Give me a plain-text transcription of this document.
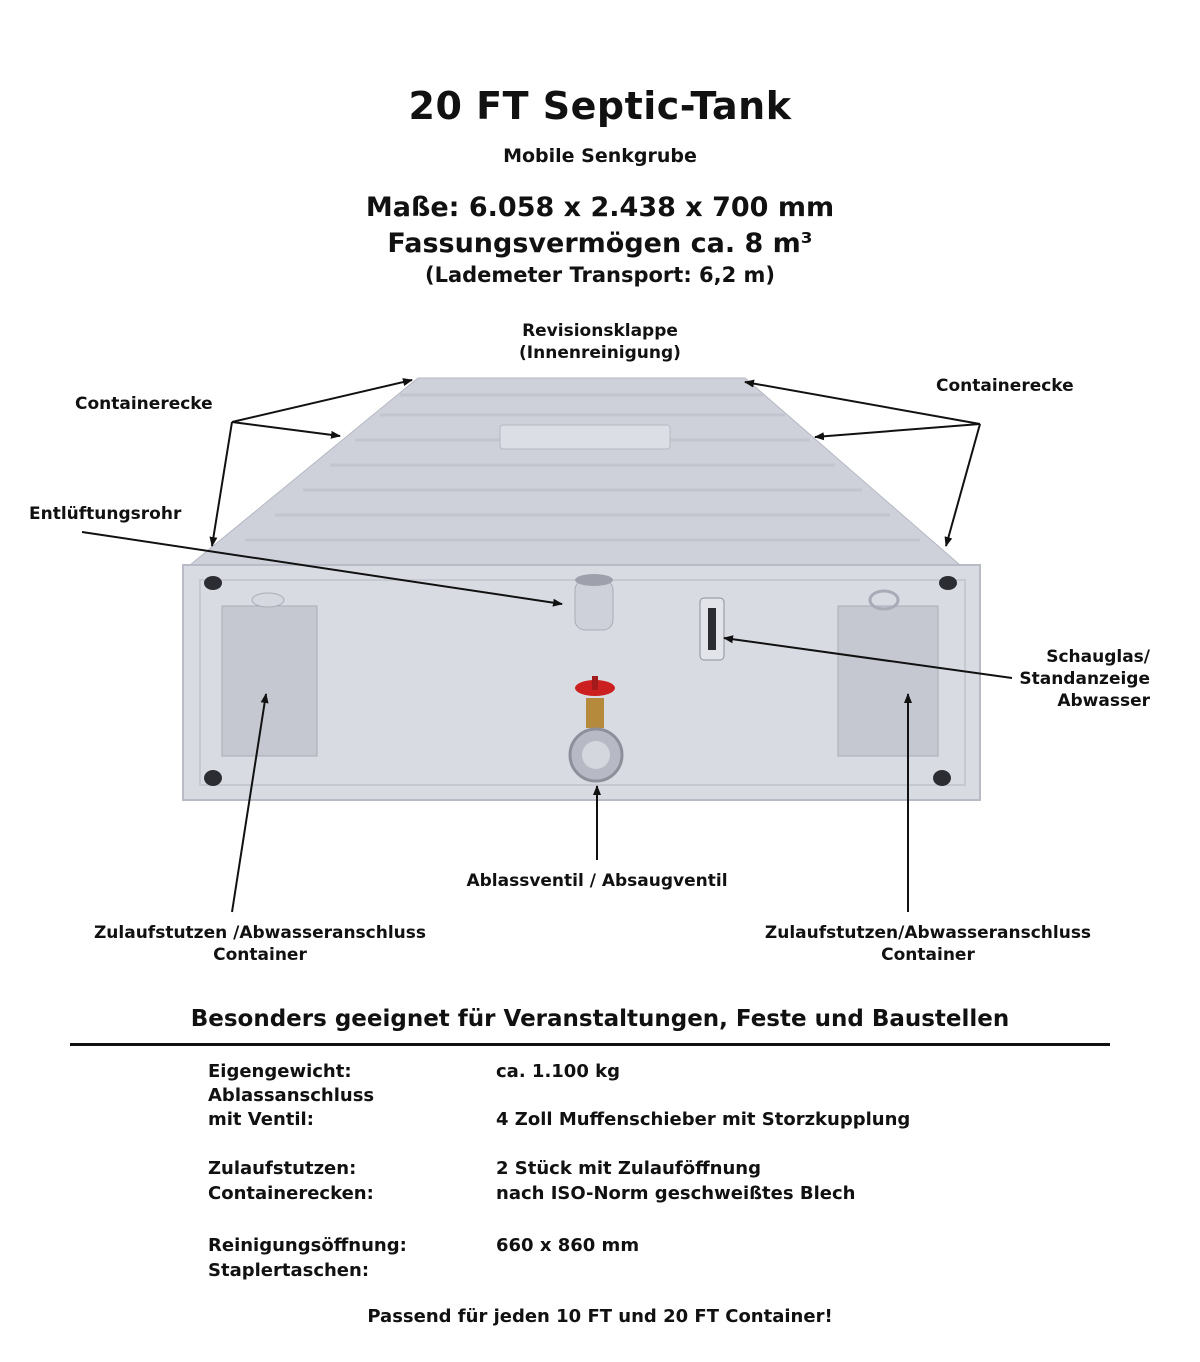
20 FT Septic-Tank
Mobile Senkgrube
Maße: 6.058 x 2.438 x 700 mm
Fassungsvermögen ca. 8 m³
(Lademeter Transport: 6,2 m)
Revisionsklappe
(Innenreinigung)
Containerecke
Containerecke
Entlüftungsrohr
Schauglas/
Standanzeige
Abwasser
Ablassventil / Absaugventil
Zulaufstutzen /Abwasseranschluss
Container
Zulaufstutzen/Abwasseranschluss
Container
Besonders geeignet für Veranstaltungen, Feste und Baustellen
Eigengewicht:	ca. 1.100 kg
Ablassanschluss
mit Ventil:	4 Zoll Muffenschieber mit Storzkupplung
Zulaufstutzen:	2 Stück mit Zulauföffnung
Containerecken:	nach ISO-Norm geschweißtes Blech
Reinigungsöffnung:	660 x 860 mm
Staplertaschen:
Passend für jeden 10 FT und 20 FT Container!
